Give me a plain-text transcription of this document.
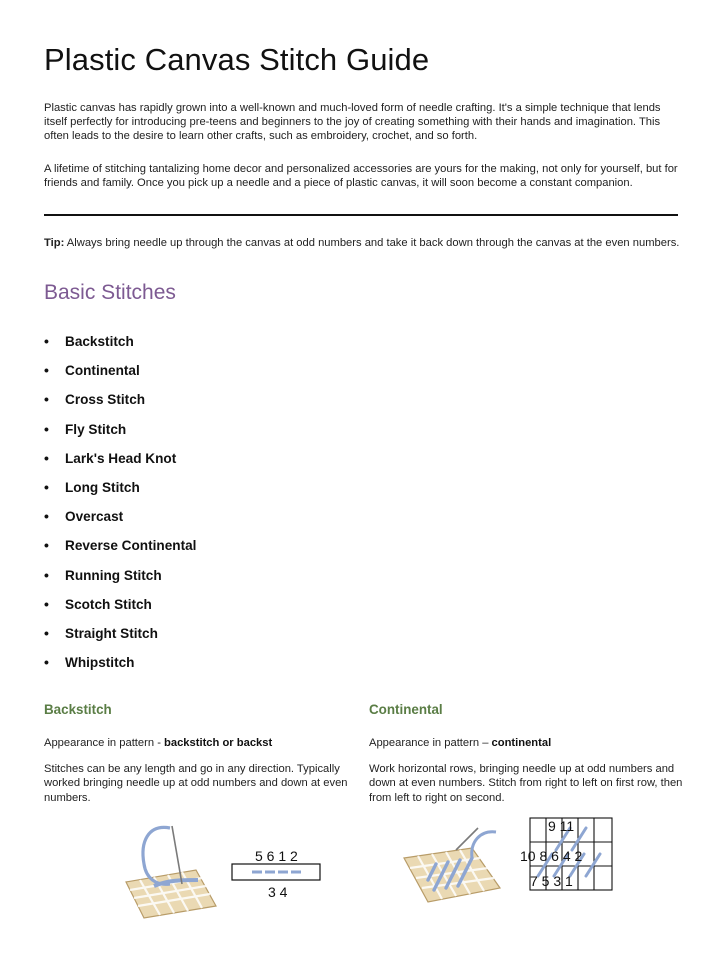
Plastic Canvas Stitch Guide

Plastic canvas has rapidly grown into a well-known and much-loved form of needle crafting. It's a simple technique that lends itself perfectly for introducing pre-teens and beginners to the joy of creating something with their hands and imagination. This often leads to the desire to learn other crafts, such as embroidery, crochet, and so forth.

A lifetime of stitching tantalizing home decor and personalized accessories are yours for the making, not only for yourself, but for friends and family. Once you pick up a needle and a piece of plastic canvas, it will soon become a constant companion.

Tip: Always bring needle up through the canvas at odd numbers and take it back down through the canvas at the even numbers.

Basic Stitches
•	Backstitch
•	Continental
•	Cross Stitch
•	Fly Stitch
•	Lark's Head Knot
•	Long Stitch
•	Overcast
•	Reverse Continental
•	Running Stitch
•	Scotch Stitch
•	Straight Stitch
•	Whipstitch
Backstitch

Appearance in pattern - backstitch or backst

Stitches can be any length and go in any direction. Typically worked bringing needle up at odd numbers and down at even numbers.

Continental

Appearance in pattern – continental

Work horizontal rows, bringing needle up at odd numbers and down at even numbers. Stitch from right to left on first row, then from left to right on second.

5 6 1 2
3 4
9 11
10 8 6 4 2
7 5 3 1
